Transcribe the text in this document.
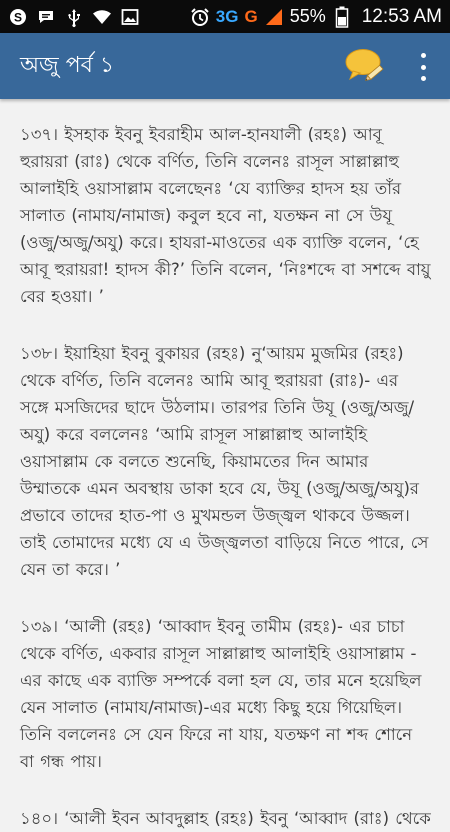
S	3G G 55% 12:53 AM
অজু পর্ব ১

১৩৭। ইসহাক ইবনু ইবরাহীম আল-হানযালী (রহঃ) আবূ হুরায়রা (রাঃ) থেকে বর্ণিত, তিনি বলেনঃ রাসূল সাল্লাল্লাহু আলাইহি ওয়াসাল্লাম বলেছেনঃ ‘যে ব্যাক্তির হাদস হয় তাঁর সালাত (নামায/নামাজ) কবুল হবে না, যতক্ষন না সে উযূ (ওজু/অজু/অযু) করে। হাযরা-মাওতের এক ব্যাক্তি বলেন, ‘হে আবূ হুরায়রা! হাদস কী?’ তিনি বলেন, ‘নিঃশব্দে বা সশব্দে বায়ু বের হওয়া। ’

১৩৮। ইয়াহিয়া ইবনু বুকায়র (রহঃ) নু‘আয়ম মুজমির (রহঃ) থেকে বর্ণিত, তিনি বলেনঃ আমি আবূ হুরায়রা (রাঃ)- এর সঙ্গে মসজিদের ছাদে উঠলাম। তারপর তিনি উযূ (ওজু/অজু/অযু) করে বললেনঃ ‘আমি রাসূল সাল্লাল্লাহু আলাইহি ওয়াসাল্লাম কে বলতে শুনেছি, কিয়ামতের দিন আমার উম্মাতকে এমন অবস্থায় ডাকা হবে যে, উযূ (ওজু/অজু/অযু)র প্রভাবে তাদের হাত-পা ও মুখমন্ডল উজ্জ্বল থাকবে উজ্জল। তাই তোমাদের মধ্যে যে এ উজ্জ্বলতা বাড়িয়ে নিতে পারে, সে যেন তা করে। ’

১৩৯। ‘আলী (রহঃ) ‘আব্বাদ ইবনু তামীম (রহঃ)- এর চাচা থেকে বর্ণিত, একবার রাসূল সাল্লাল্লাহু আলাইহি ওয়াসাল্লাম - এর কাছে এক ব্যাক্তি সম্পর্কে বলা হল যে, তার মনে হয়েছিল যেন সালাত (নামায/নামাজ)-এর মধ্যে কিছু হয়ে গিয়েছিল। তিনি বললেনঃ সে যেন ফিরে না যায়, যতক্ষণ না শব্দ শোনে বা গন্ধ পায়।

১৪০। ‘আলী ইবন আবদুল্লাহ (রহঃ) ইবনু ‘আব্বাদ (রাঃ) থেকে
